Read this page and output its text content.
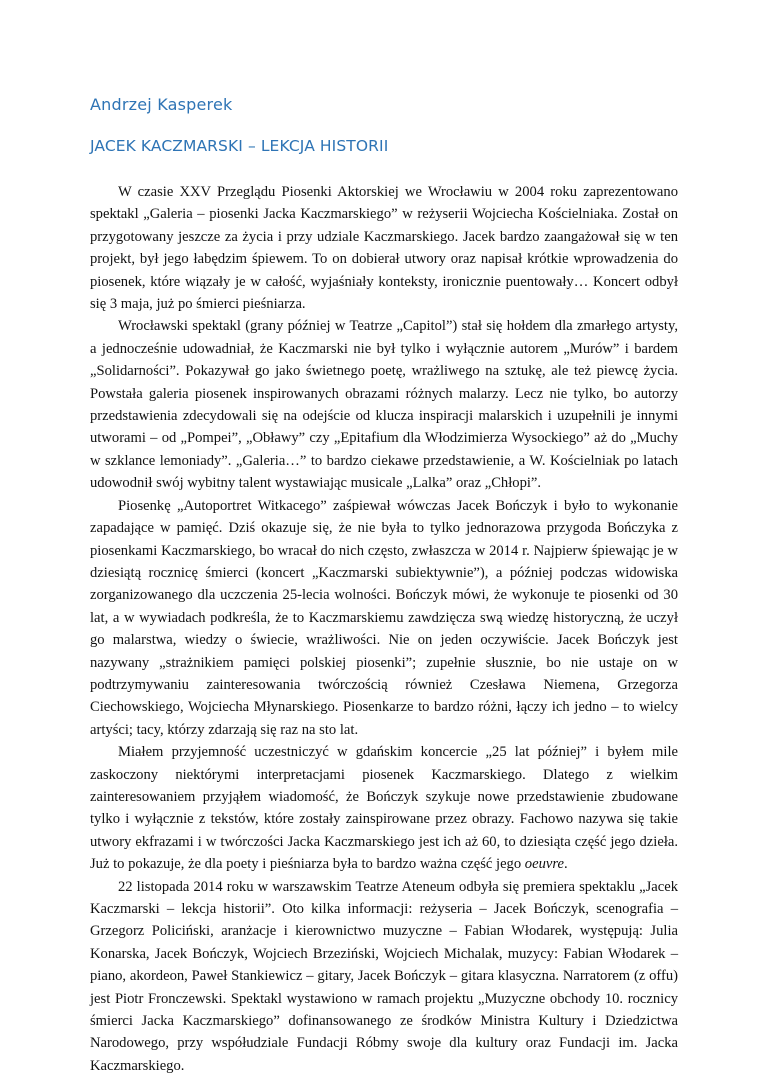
Andrzej Kasperek
JACEK KACZMARSKI – LEKCJA HISTORII

W czasie XXV Przeglądu Piosenki Aktorskiej we Wrocławiu w 2004 roku zaprezentowano spektakl „Galeria – piosenki Jacka Kaczmarskiego” w reżyserii Wojciecha Kościelniaka. Został on przygotowany jeszcze za życia i przy udziale Kaczmarskiego. Jacek bardzo zaangażował się w ten projekt, był jego łabędzim śpiewem. To on dobierał utwory oraz napisał krótkie wprowadzenia do piosenek, które wiązały je w całość, wyjaśniały konteksty, ironicznie puentowały… Koncert odbył się 3 maja, już po śmierci pieśniarza.

Wrocławski spektakl (grany później w Teatrze „Capitol”) stał się hołdem dla zmarłego artysty, a jednocześnie udowadniał, że Kaczmarski nie był tylko i wyłącznie autorem „Murów” i bardem „Solidarności”. Pokazywał go jako świetnego poetę, wrażliwego na sztukę, ale też piewcę życia. Powstała galeria piosenek inspirowanych obrazami różnych malarzy. Lecz nie tylko, bo autorzy przedstawienia zdecydowali się na odejście od klucza inspiracji malarskich i uzupełnili je innymi utworami – od „Pompei”, „Obławy” czy „Epitafium dla Włodzimierza Wysockiego” aż do „Muchy w szklance lemoniady”. „Galeria…” to bardzo ciekawe przedstawienie, a W. Kościelniak po latach udowodnił swój wybitny talent wystawiając musicale „Lalka” oraz „Chłopi”.

Piosenkę „Autoportret Witkacego” zaśpiewał wówczas Jacek Bończyk i było to wykonanie zapadające w pamięć. Dziś okazuje się, że nie była to tylko jednorazowa przygoda Bończyka z piosenkami Kaczmarskiego, bo wracał do nich często, zwłaszcza w 2014 r. Najpierw śpiewając je w dziesiątą rocznicę śmierci (koncert „Kaczmarski subiektywnie”), a później podczas widowiska zorganizowanego dla uczczenia 25-lecia wolności. Bończyk mówi, że wykonuje te piosenki od 30 lat, a w wywiadach podkreśla, że to Kaczmarskiemu zawdzięcza swą wiedzę historyczną, że uczył go malarstwa, wiedzy o świecie, wrażliwości. Nie on jeden oczywiście. Jacek Bończyk jest nazywany „strażnikiem pamięci polskiej piosenki”; zupełnie słusznie, bo nie ustaje on w podtrzymywaniu zainteresowania twórczością również Czesława Niemena, Grzegorza Ciechowskiego, Wojciecha Młynarskiego. Piosenkarze to bardzo różni, łączy ich jedno – to wielcy artyści; tacy, którzy zdarzają się raz na sto lat.

Miałem przyjemność uczestniczyć w gdańskim koncercie „25 lat później” i byłem mile zaskoczony niektórymi interpretacjami piosenek Kaczmarskiego. Dlatego z wielkim zainteresowaniem przyjąłem wiadomość, że Bończyk szykuje nowe przedstawienie zbudowane tylko i wyłącznie z tekstów, które zostały zainspirowane przez obrazy. Fachowo nazywa się takie utwory ekfrazami i w twórczości Jacka Kaczmarskiego jest ich aż 60, to dziesiąta część jego dzieła. Już to pokazuje, że dla poety i pieśniarza była to bardzo ważna część jego oeuvre.

22 listopada 2014 roku w warszawskim Teatrze Ateneum odbyła się premiera spektaklu „Jacek Kaczmarski – lekcja historii”. Oto kilka informacji: reżyseria – Jacek Bończyk, scenografia – Grzegorz Policiński, aranżacje i kierownictwo muzyczne – Fabian Włodarek, występują: Julia Konarska, Jacek Bończyk, Wojciech Brzeziński, Wojciech Michalak, muzycy: Fabian Włodarek – piano, akordeon, Paweł Stankiewicz – gitary, Jacek Bończyk – gitara klasyczna. Narratorem (z offu) jest Piotr Fronczewski. Spektakl wystawiono w ramach projektu „Muzyczne obchody 10. rocznicy śmierci Jacka Kaczmarskiego” dofinansowanego ze środków Ministra Kultury i Dziedzictwa Narodowego, przy współudziale Fundacji Róbmy swoje dla kultury oraz Fundacji im. Jacka Kaczmarskiego.
